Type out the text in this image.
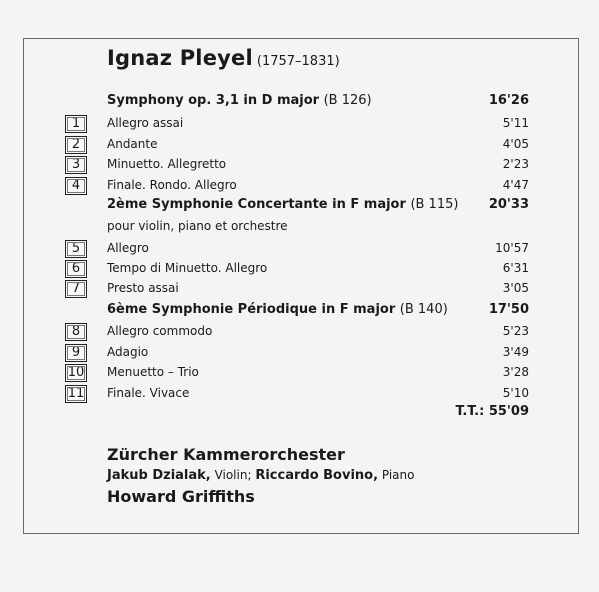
Ignaz Pleyel (1757–1831)
Symphony op. 3,1 in D major (B 126)	16'26
1	Allegro assai	5'11
2	Andante	4'05
3	Minuetto. Allegretto	2'23
4	Finale. Rondo. Allegro	4'47
2ème Symphonie Concertante in F major (B 115) 20'33
pour violin, piano et orchestre
5	Allegro	10'57
6	Tempo di Minuetto. Allegro	6'31
7	Presto assai	3'05
6ème Symphonie Périodique in F major (B 140)	17'50
8	Allegro commodo	5'23
9	Adagio	3'49
10 Menuetto – Trio	3'28
11 Finale. Vivace	5'10
T.T.: 55'09
Zürcher Kammerorchester
Jakub Dzialak, Violin; Riccardo Bovino, Piano
Howard Griffiths
